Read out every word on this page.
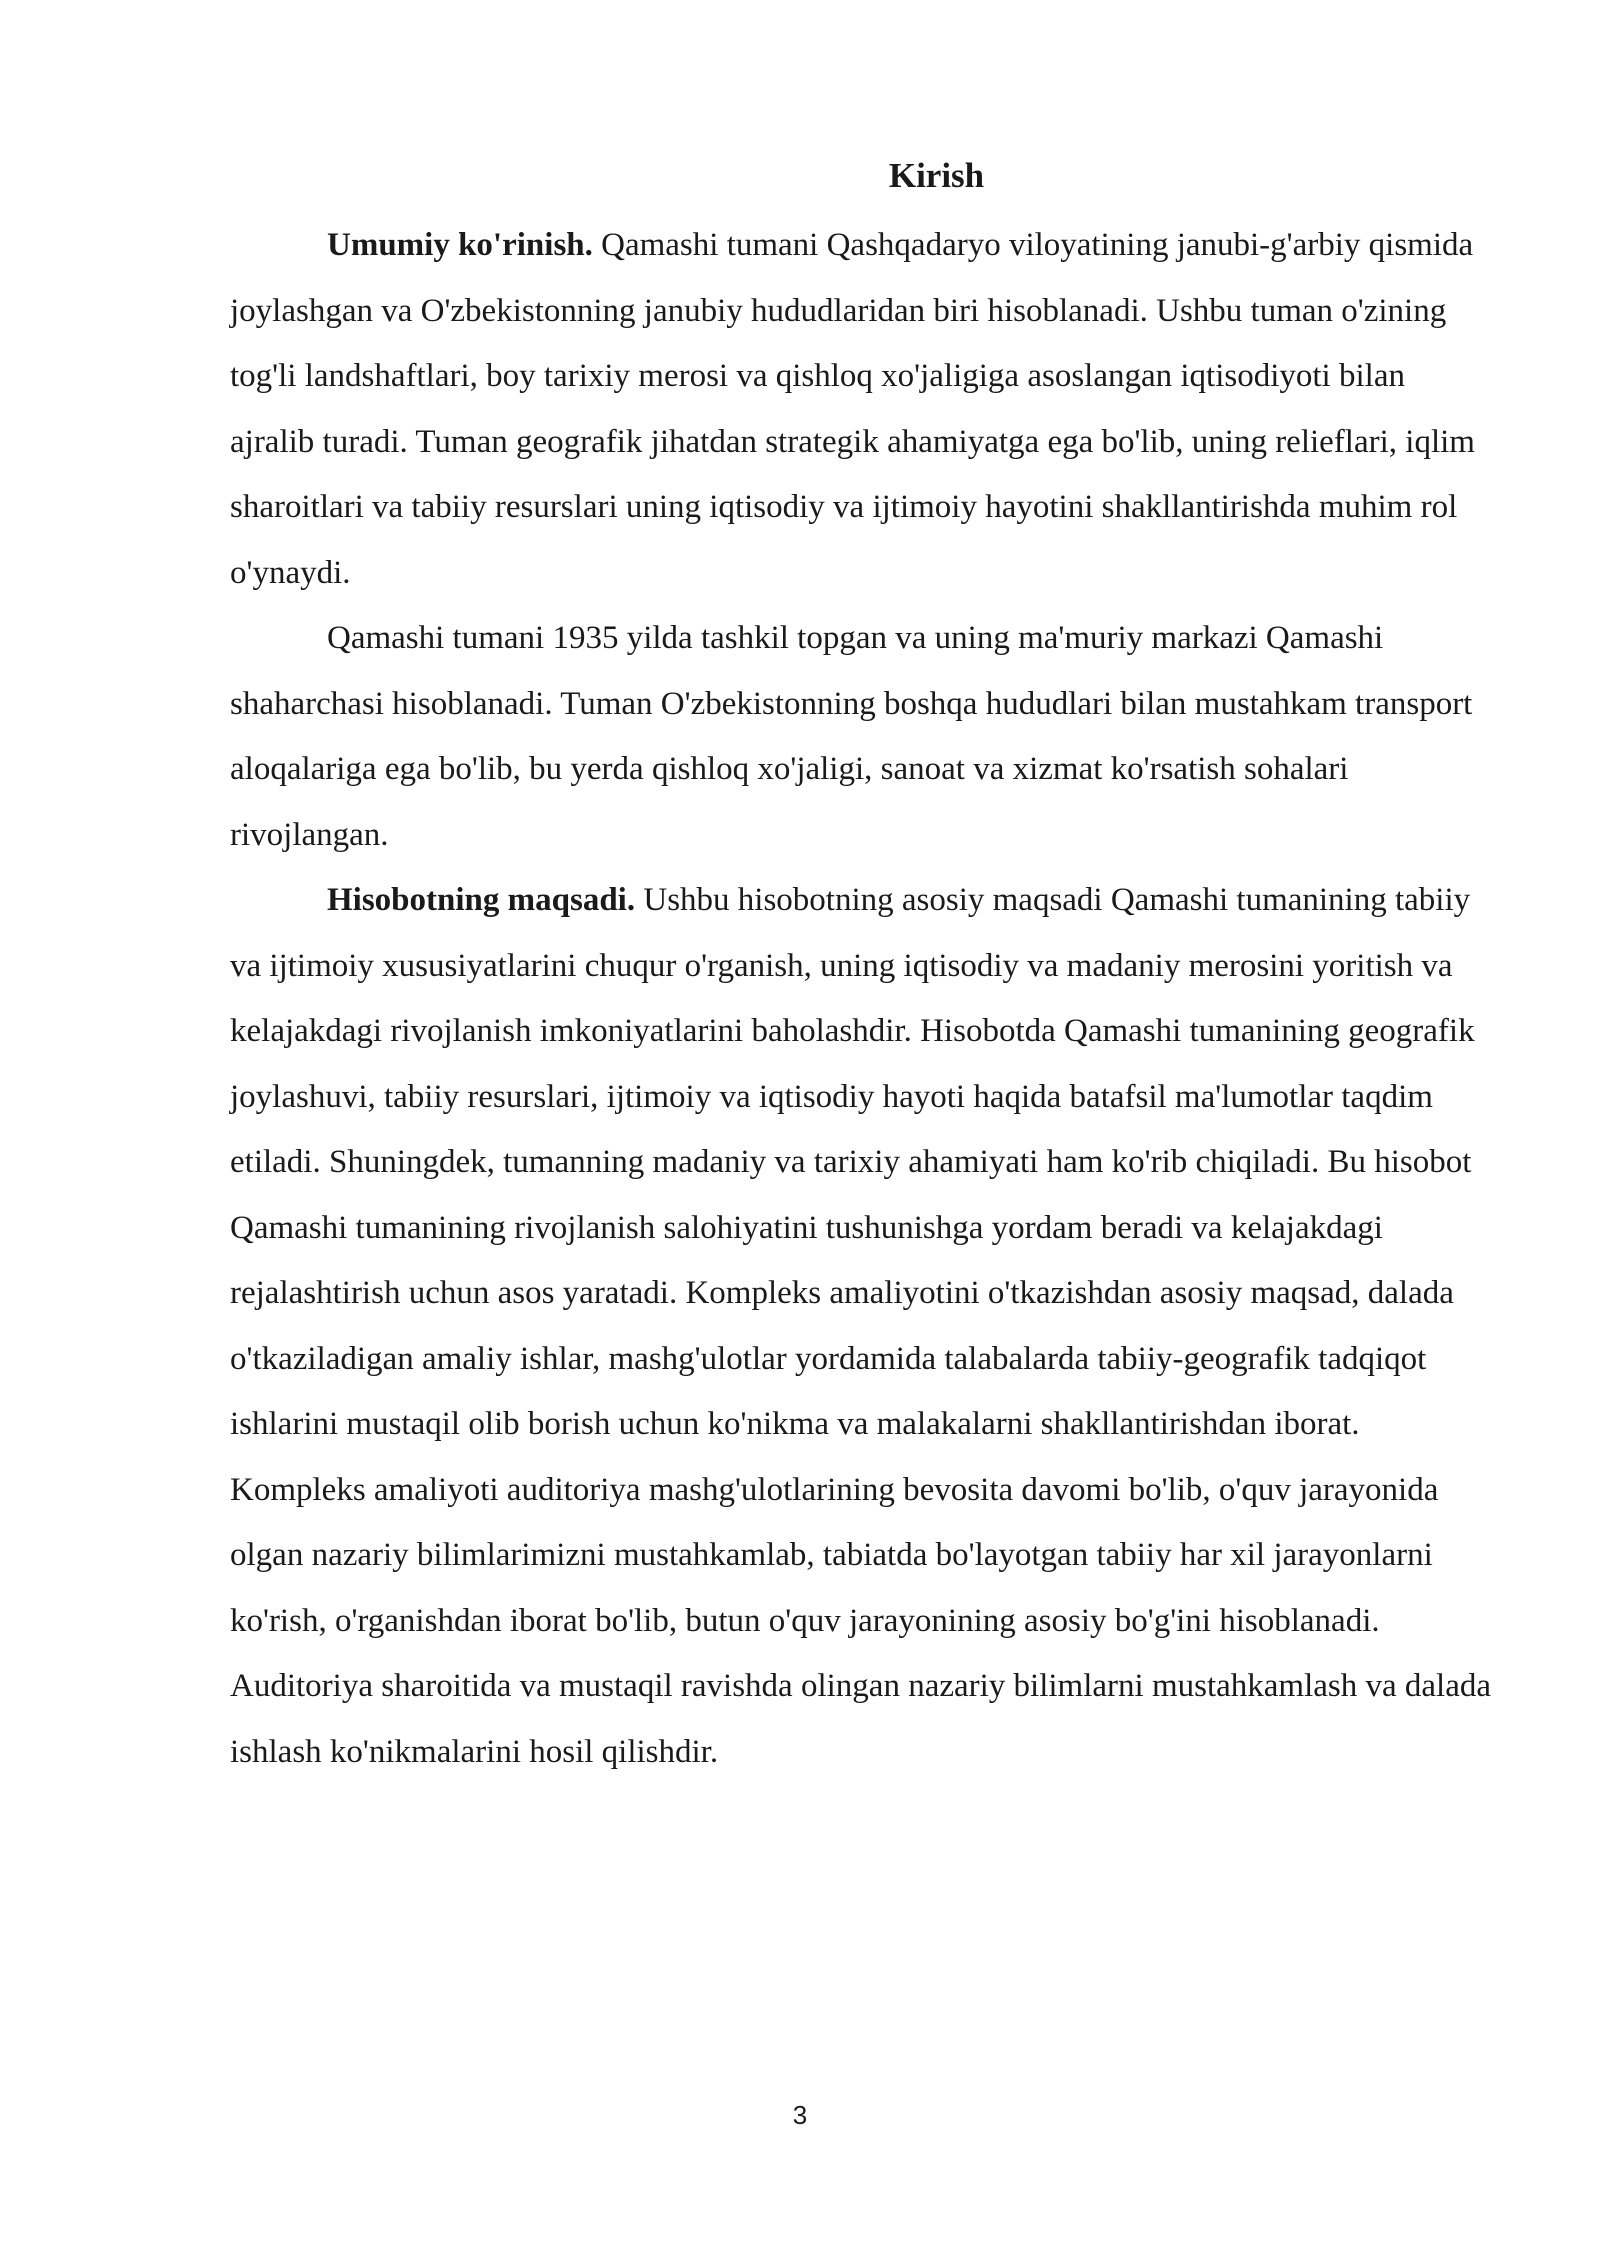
Kirish

Umumiy ko'rinish. Qamashi tumani Qashqadaryo viloyatining janubi-g'arbiy qismida joylashgan va O'zbekistonning janubiy hududlaridan biri hisoblanadi. Ushbu tuman o'zining tog'li landshaftlari, boy tarixiy merosi va qishloq xo'jaligiga asoslangan iqtisodiyoti bilan ajralib turadi. Tuman geografik jihatdan strategik ahamiyatga ega bo'lib, uning relieflari, iqlim sharoitlari va tabiiy resurslari uning iqtisodiy va ijtimoiy hayotini shakllantirishda muhim rol o'ynaydi.

Qamashi tumani 1935 yilda tashkil topgan va uning ma'muriy markazi Qamashi shaharchasi hisoblanadi. Tuman O'zbekistonning boshqa hududlari bilan mustahkam transport aloqalariga ega bo'lib, bu yerda qishloq xo'jaligi, sanoat va xizmat ko'rsatish sohalari rivojlangan.

Hisobotning maqsadi. Ushbu hisobotning asosiy maqsadi Qamashi tumanining tabiiy va ijtimoiy xususiyatlarini chuqur o'rganish, uning iqtisodiy va madaniy merosini yoritish va kelajakdagi rivojlanish imkoniyatlarini baholashdir. Hisobotda Qamashi tumanining geografik joylashuvi, tabiiy resurslari, ijtimoiy va iqtisodiy hayoti haqida batafsil ma'lumotlar taqdim etiladi. Shuningdek, tumanning madaniy va tarixiy ahamiyati ham ko'rib chiqiladi. Bu hisobot Qamashi tumanining rivojlanish salohiyatini tushunishga yordam beradi va kelajakdagi rejalashtirish uchun asos yaratadi. Kompleks amaliyotini o'tkazishdan asosiy maqsad, dalada o'tkaziladigan amaliy ishlar, mashg'ulotlar yordamida talabalarda tabiiy-geografik tadqiqot ishlarini mustaqil olib borish uchun ko'nikma va malakalarni shakllantirishdan iborat. Kompleks amaliyoti auditoriya mashg'ulotlarining bevosita davomi bo'lib, o'quv jarayonida olgan nazariy bilimlarimizni mustahkamlab, tabiatda bo'layotgan tabiiy har xil jarayonlarni ko'rish, o'rganishdan iborat bo'lib, butun o'quv jarayonining asosiy bo'g'ini hisoblanadi. Auditoriya sharoitida va mustaqil ravishda olingan nazariy bilimlarni mustahkamlash va dalada ishlash ko'nikmalarini hosil qilishdir.

3
